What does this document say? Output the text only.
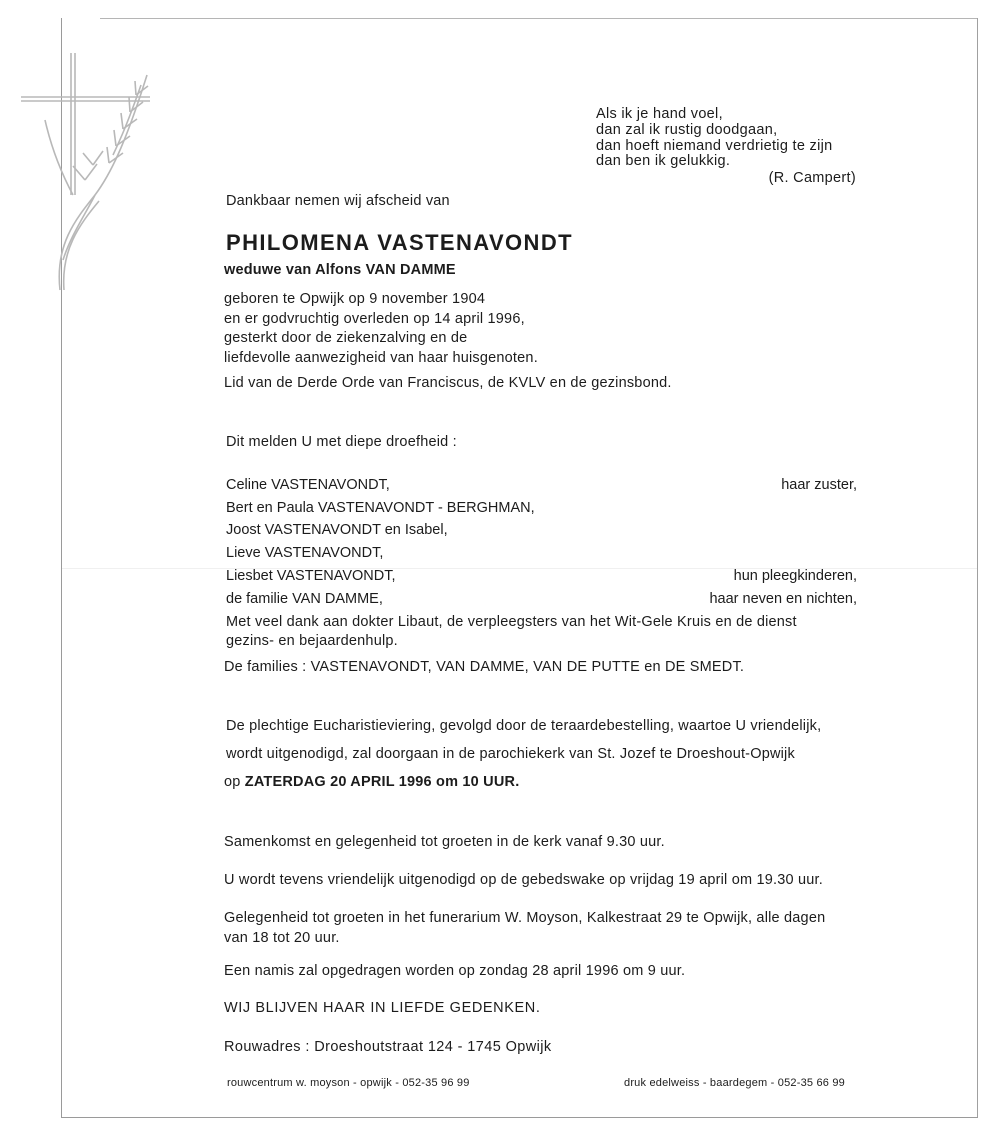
Als ik je hand voel,
dan zal ik rustig doodgaan,
dan hoeft niemand verdrietig te zijn
dan ben ik gelukkig.
(R. Campert)
Dankbaar nemen wij afscheid van
PHILOMENA VASTENAVONDT
weduwe van Alfons VAN DAMME
geboren te Opwijk op 9 november 1904
en er godvruchtig overleden op 14 april 1996,
gesterkt door de ziekenzalving en de
liefdevolle aanwezigheid van haar huisgenoten.
Lid van de Derde Orde van Franciscus, de KVLV en de gezinsbond.
Dit melden U met diepe droefheid :
Celine VASTENAVONDT,	haar zuster,
Bert en Paula VASTENAVONDT - BERGHMAN,
Joost VASTENAVONDT en Isabel,
Lieve VASTENAVONDT,
Liesbet VASTENAVONDT,	hun pleegkinderen,
de familie VAN DAMME,	haar neven en nichten,
Met veel dank aan dokter Libaut, de verpleegsters van het Wit-Gele Kruis en de dienst
gezins- en bejaardenhulp.
De families : VASTENAVONDT, VAN DAMME, VAN DE PUTTE en DE SMEDT.
De plechtige Eucharistieviering, gevolgd door de teraardebestelling, waartoe U vriendelijk,
wordt uitgenodigd, zal doorgaan in de parochiekerk van St. Jozef te Droeshout-Opwijk
op ZATERDAG 20 APRIL 1996 om 10 UUR.
Samenkomst en gelegenheid tot groeten in de kerk vanaf 9.30 uur.
U wordt tevens vriendelijk uitgenodigd op de gebedswake op vrijdag 19 april om 19.30 uur.
Gelegenheid tot groeten in het funerarium W. Moyson, Kalkestraat 29 te Opwijk, alle dagen
van 18 tot 20 uur.
Een namis zal opgedragen worden op zondag 28 april 1996 om 9 uur.
WIJ BLIJVEN HAAR IN LIEFDE GEDENKEN.
Rouwadres : Droeshoutstraat 124 - 1745 Opwijk
rouwcentrum w. moyson - opwijk - 052-35 96 99	druk edelweiss - baardegem - 052-35 66 99
